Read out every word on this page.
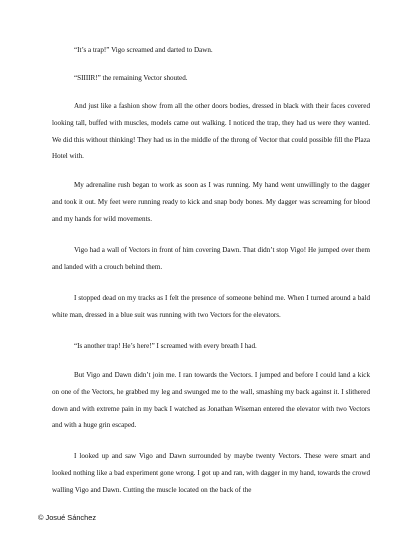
“It’s a trap!” Vigo screamed and darted to Dawn.

“SIIIIR!” the remaining Vector shouted.

And just like a fashion show from all the other doors bodies, dressed in black with their faces covered looking tall, buffed with muscles, models came out walking. I noticed the trap, they had us were they wanted. We did this without thinking! They had us in the middle of the throng of Vector that could possible fill the Plaza Hotel with.

My adrenaline rush began to work as soon as I was running. My hand went unwillingly to the dagger and took it out. My feet were running ready to kick and snap body bones. My dagger was screaming for blood and my hands for wild movements.

Vigo had a wall of Vectors in front of him covering Dawn. That didn’t stop Vigo! He jumped over them and landed with a crouch behind them.

I stopped dead on my tracks as I felt the presence of someone behind me. When I turned around a bald white man, dressed in a blue suit was running with two Vectors for the elevators.

“Is another trap! He’s here!” I screamed with every breath I had.

But Vigo and Dawn didn’t join me. I ran towards the Vectors. I jumped and before I could land a kick on one of the Vectors, he grabbed my leg and swunged me to the wall, smashing my back against it. I slithered down and with extreme pain in my back I watched as Jonathan Wiseman entered the elevator with two Vectors and with a huge grin escaped.

I looked up and saw Vigo and Dawn surrounded by maybe twenty Vectors. These were smart and looked nothing like a bad experiment gone wrong. I got up and ran, with dagger in my hand, towards the crowd walling Vigo and Dawn. Cutting the muscle located on the back of the

© Josué Sánchez
